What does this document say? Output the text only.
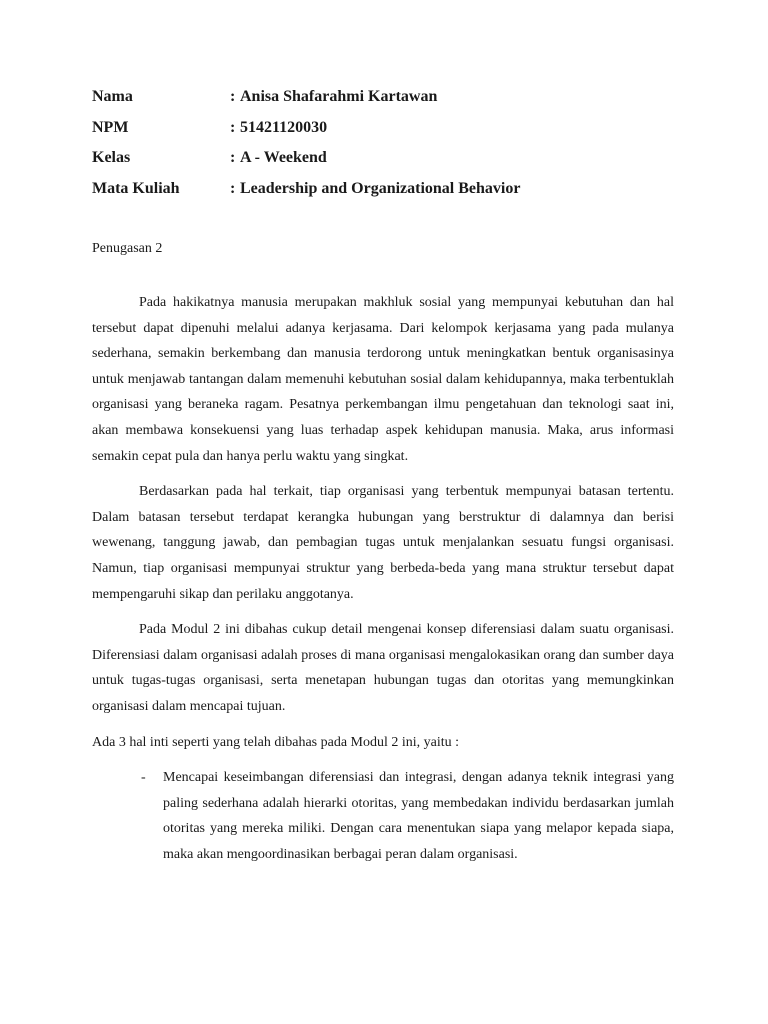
Nama	: Anisa Shafarahmi Kartawan
NPM	: 51421120030
Kelas	: A - Weekend
Mata Kuliah	: Leadership and Organizational Behavior
Penugasan 2

Pada hakikatnya manusia merupakan makhluk sosial yang mempunyai kebutuhan dan hal tersebut dapat dipenuhi melalui adanya kerjasama. Dari kelompok kerjasama yang pada mulanya sederhana, semakin berkembang dan manusia terdorong untuk meningkatkan bentuk organisasinya untuk menjawab tantangan dalam memenuhi kebutuhan sosial dalam kehidupannya, maka terbentuklah organisasi yang beraneka ragam. Pesatnya perkembangan ilmu pengetahuan dan teknologi saat ini, akan membawa konsekuensi yang luas terhadap aspek kehidupan manusia. Maka, arus informasi semakin cepat pula dan hanya perlu waktu yang singkat.

Berdasarkan pada hal terkait, tiap organisasi yang terbentuk mempunyai batasan tertentu. Dalam batasan tersebut terdapat kerangka hubungan yang berstruktur di dalamnya dan berisi wewenang, tanggung jawab, dan pembagian tugas untuk menjalankan sesuatu fungsi organisasi. Namun, tiap organisasi mempunyai struktur yang berbeda-beda yang mana struktur tersebut dapat mempengaruhi sikap dan perilaku anggotanya.

Pada Modul 2 ini dibahas cukup detail mengenai konsep diferensiasi dalam suatu organisasi. Diferensiasi dalam organisasi adalah proses di mana organisasi mengalokasikan orang dan sumber daya untuk tugas-tugas organisasi, serta menetapan hubungan tugas dan otoritas yang memungkinkan organisasi dalam mencapai tujuan.

Ada 3 hal inti seperti yang telah dibahas pada Modul 2 ini, yaitu :

-	Mencapai keseimbangan diferensiasi dan integrasi, dengan adanya teknik integrasi yang paling sederhana adalah hierarki otoritas, yang membedakan individu berdasarkan jumlah otoritas yang mereka miliki. Dengan cara menentukan siapa yang melapor kepada siapa, maka akan mengoordinasikan berbagai peran dalam organisasi.
